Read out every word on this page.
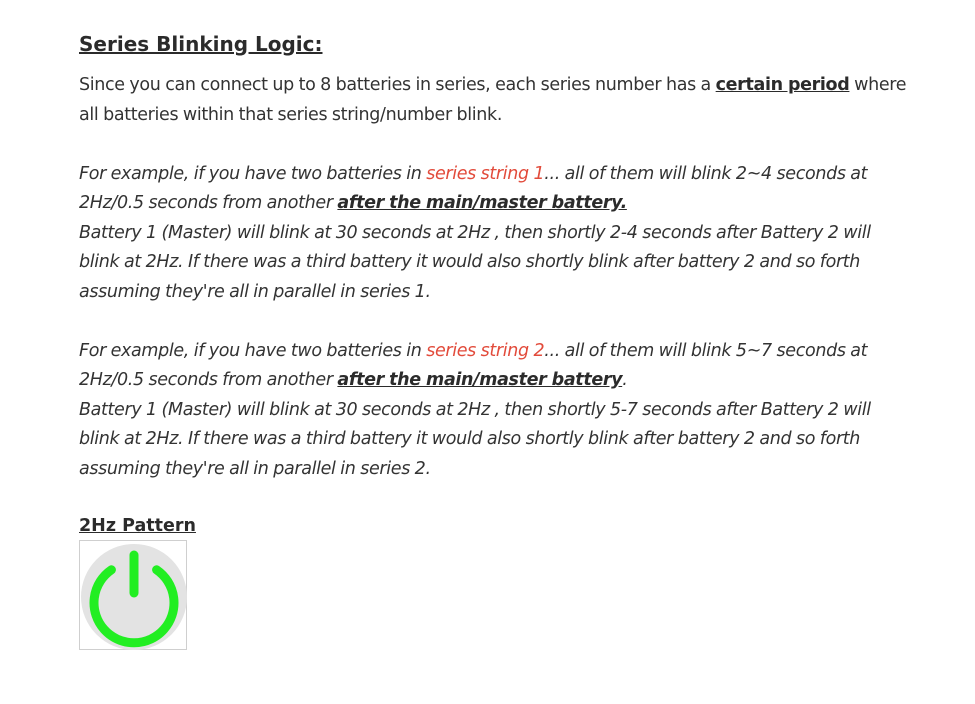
Series Blinking Logic:

Since you can connect up to 8 batteries in series, each series number has a certain period where all batteries within that series string/number blink.

For example, if you have two batteries in series string 1... all of them will blink 2~4 seconds at 2Hz/0.5 seconds from another after the main/master battery.
Battery 1 (Master) will blink at 30 seconds at 2Hz , then shortly 2-4 seconds after Battery 2 will blink at 2Hz. If there was a third battery it would also shortly blink after battery 2 and so forth assuming they're all in parallel in series 1.

For example, if you have two batteries in series string 2... all of them will blink 5~7 seconds at 2Hz/0.5 seconds from another after the main/master battery.
Battery 1 (Master) will blink at 30 seconds at 2Hz , then shortly 5-7 seconds after Battery 2 will blink at 2Hz. If there was a third battery it would also shortly blink after battery 2 and so forth assuming they're all in parallel in series 2.

2Hz Pattern
